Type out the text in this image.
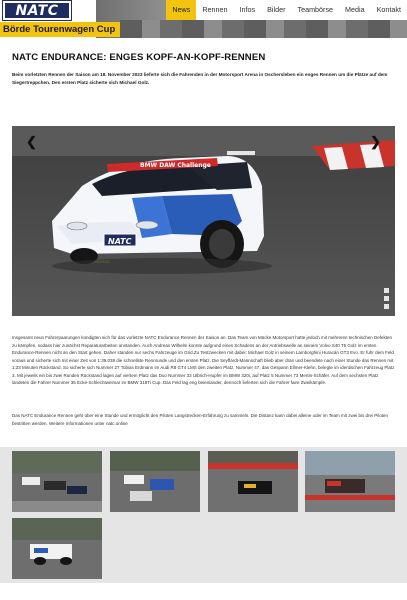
NATC
Börde Tourenwagen Cup
News	Rennen	Infos	Bilder	Teambörse	Media	Kontakt
NATC ENDURANCE: ENGES KOPF-AN-KOPF-RENNEN

Beim vorletzten Rennen der Saison am 18. November 2023 lieferte sich die Fahrenden in der Motorsport Arena in Oschersleben ein enges Rennen um die Plätze auf dem Siegertreppchen. Den ersten Platz sicherte sich Michael Golz.

BMW DAW Challenge
NATC
❮	❯

Insgesamt neun Fahrerpaarungen kündigten sich für das vorletzte NATC Endurance Rennen der Saison an. Das Team von Mücke Motorsport hatte jedoch mit mehreren technischen Defekten zu kämpfen, sodass hier zunächst Reparaturarbeiten anstanden. Auch Andreas Wilhelm konnte aufgrund eines Schadens an der Antriebswelle an seinem Volvo S40 T5 Golz im ersten Endurance-Rennen nicht an den Start gehen. Daher standen nur sechs Fahrzeuge im Grid.Zu Testzwecken mit dabei: Michael Golz in seinem Lamborghini Huracán GT3 Evo. Er fuhr dem Feld voraus und sicherte sich mit einer Zeit von 1:39.038 die schnellste Rennrunde und den ersten Platz. Die Seyffardt-Mannschaft blieb aber dran und beendete nach einer Stunde das Rennen mit 1:23 Minuten Rückstand. So sicherte sich Nummer 27 Tobias Erdmann im Audi R8 GT4 LMS den zweiten Platz. Nummer 47, das Gespann Ellmer-Klehn, belegte im identischen Fahrzeug Platz 3. Mit jeweils ein bis zwei Runden Rückstand lagen auf viertem Platz das Duo Nummer 33 Ulbrich-Hupfer im BMW 320i, auf Platz 5 Nummer 73 Mertin-Schäfer. Auf dem sechsten Platz landeten die Fahrer Nummer 35 Ecke-Schlechtweimar im BMW 318Ti Cup. Das Feld lag eng beieinander, dennoch lieferten sich die Fahrer faire Zweikämpfe.

Das NATC Endurance Rennen geht über eine Stunde und ermöglicht den Piloten Langstrecken-Erfahrung zu sammeln. Die Distanz kann dabei alleine oder im Team mit zwei bis drei Piloten bestritten werden. Weitere Informationen unter natc.online
